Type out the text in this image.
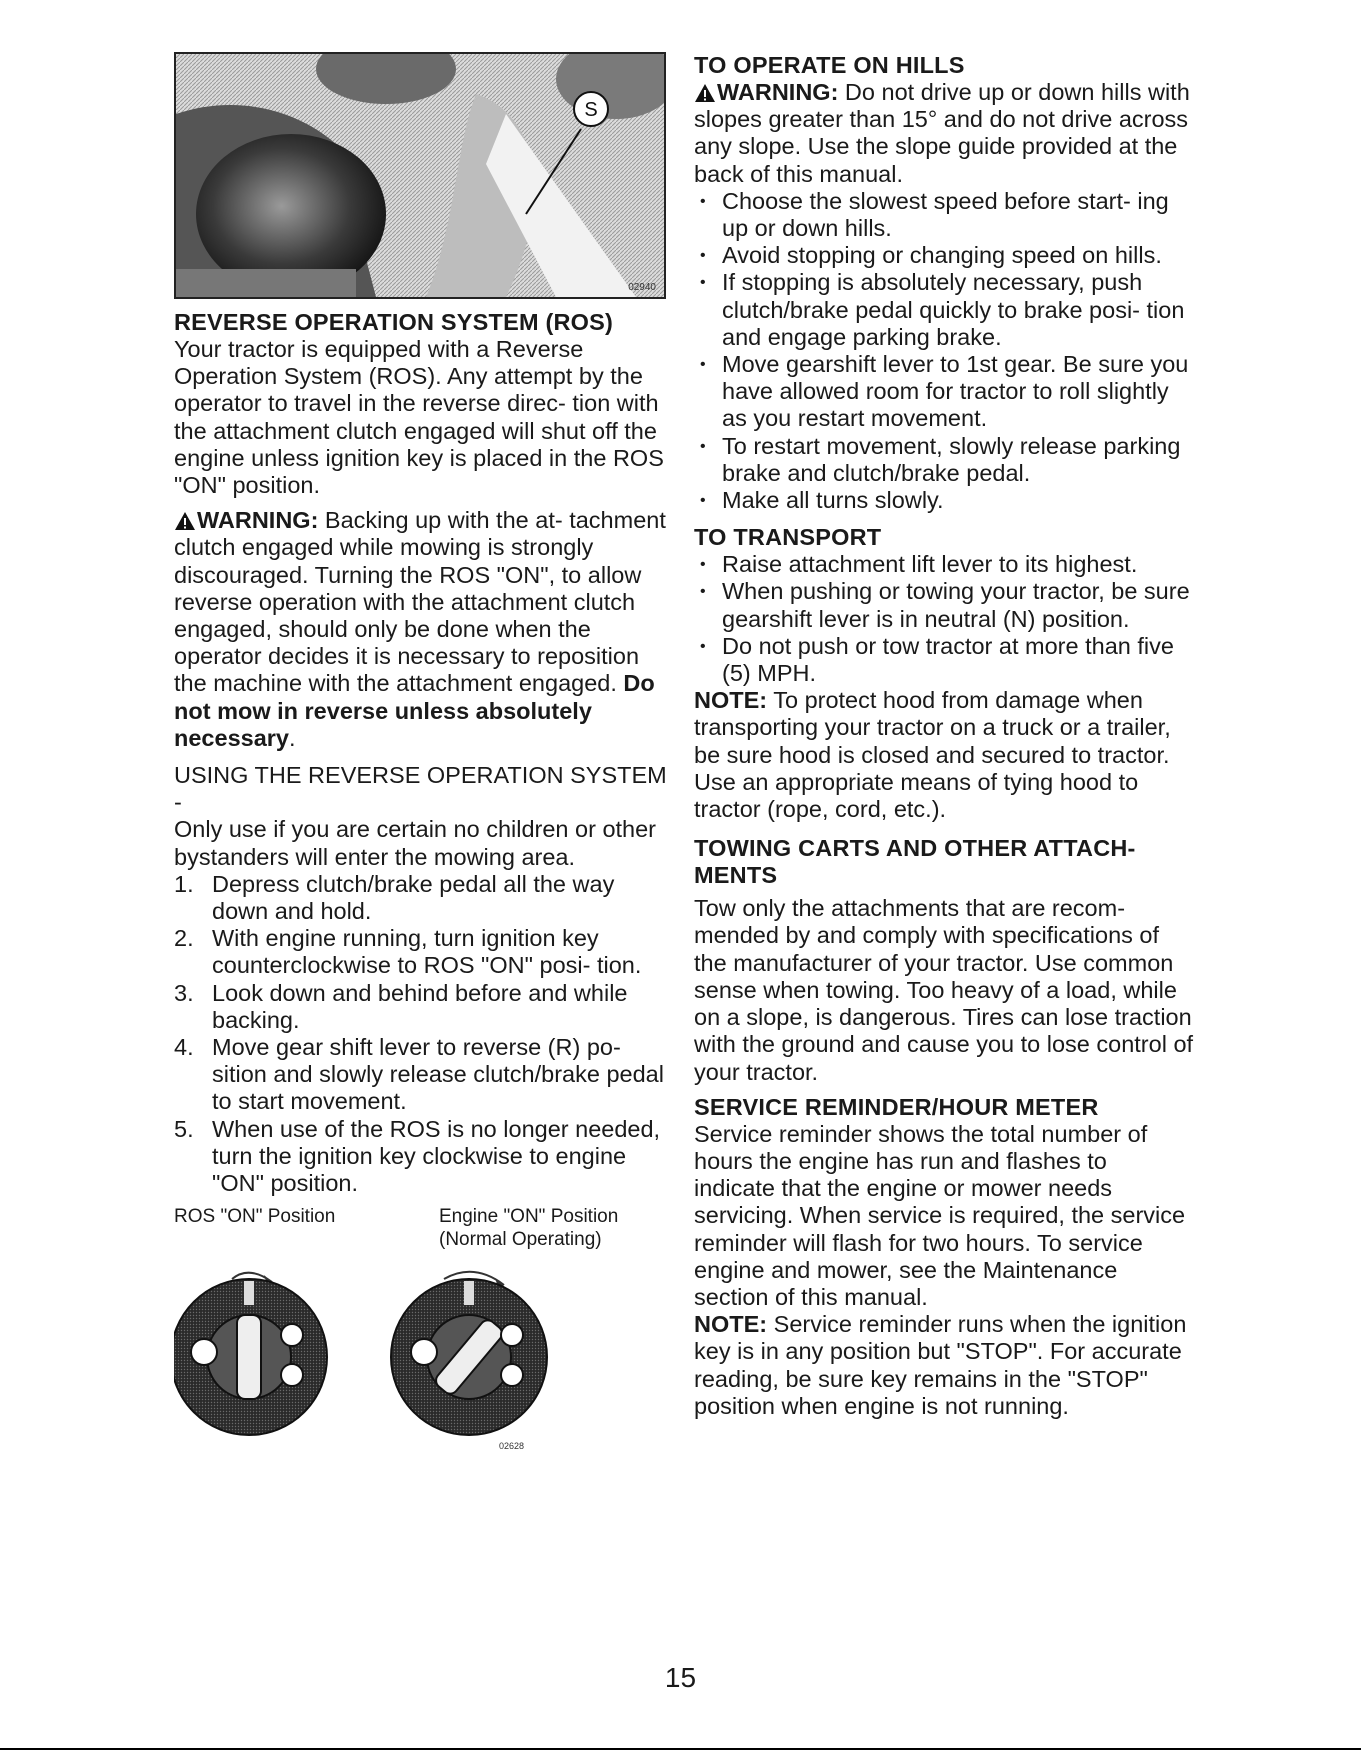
S
02940

REVERSE OPERATION SYSTEM (ROS)

Your tractor is equipped with a Reverse Operation System (ROS). Any attempt by the operator to travel in the reverse direc- tion with the attachment clutch engaged will shut off the engine unless ignition key is placed in the ROS "ON" position.

WARNING: Backing up with the at- tachment clutch engaged while mowing is strongly discouraged. Turning the ROS "ON", to allow reverse operation with the attachment clutch engaged, should only be done when the operator decides it is necessary to reposition the machine with the attachment engaged. Do not mow in reverse unless absolutely necessary.

USING THE REVERSE OPERATION SYSTEM -

Only use if you are certain no children or other bystanders will enter the mowing area.

1. Depress clutch/brake pedal all the way down and hold.
2. With engine running, turn ignition key counterclockwise to ROS "ON" posi- tion.
3. Look down and behind before and while backing.
4. Move gear shift lever to reverse (R) po- sition and slowly release clutch/brake pedal to start movement.
5. When use of the ROS is no longer needed, turn the ignition key clockwise to engine "ON" position.
ROS "ON" Position	Engine "ON" Position
(Normal Operating)
02628

TO OPERATE ON HILLS

WARNING: Do not drive up or down hills with slopes greater than 15° and do not drive across any slope. Use the slope guide provided at the back of this manual.

• Choose the slowest speed before start- ing up or down hills.
• Avoid stopping or changing speed on hills.
• If stopping is absolutely necessary, push clutch/brake pedal quickly to brake posi- tion and engage parking brake.
• Move gearshift lever to 1st gear. Be sure you have allowed room for tractor to roll slightly as you restart movement.
• To restart movement, slowly release parking brake and clutch/brake pedal.
• Make all turns slowly.

TO TRANSPORT

• Raise attachment lift lever to its highest.
• When pushing or towing your tractor, be sure gearshift lever is in neutral (N) position.
• Do not push or tow tractor at more than five (5) MPH.

NOTE: To protect hood from damage when transporting your tractor on a truck or a trailer, be sure hood is closed and secured to tractor. Use an appropriate means of tying hood to tractor (rope, cord, etc.).

TOWING CARTS AND OTHER ATTACH- MENTS

Tow only the attachments that are recom- mended by and comply with specifications of the manufacturer of your tractor. Use common sense when towing. Too heavy of a load, while on a slope, is dangerous. Tires can lose traction with the ground and cause you to lose control of your tractor.

SERVICE REMINDER/HOUR METER

Service reminder shows the total number of hours the engine has run and flashes to indicate that the engine or mower needs servicing. When service is required, the service reminder will flash for two hours. To service engine and mower, see the Maintenance section of this manual.

NOTE: Service reminder runs when the ignition key is in any position but "STOP". For accurate reading, be sure key remains in the "STOP" position when engine is not running.

15
